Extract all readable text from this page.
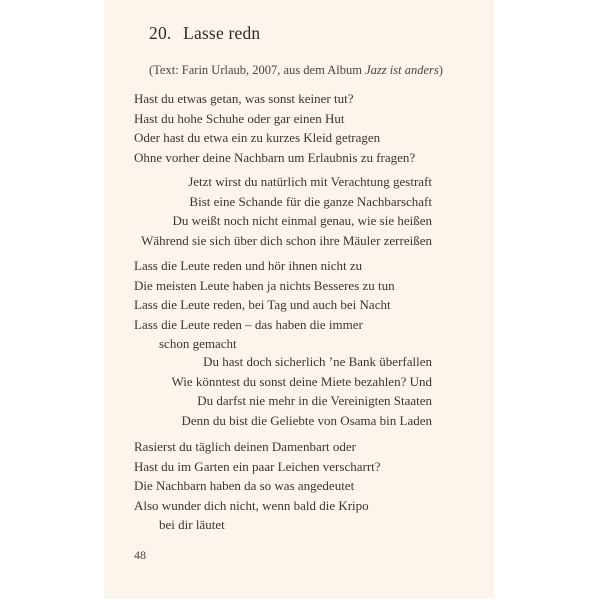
20. Lasse redn
(Text: Farin Urlaub, 2007, aus dem Album Jazz ist anders)
Hast du etwas getan, was sonst keiner tut?
Hast du hohe Schuhe oder gar einen Hut
Oder hast du etwa ein zu kurzes Kleid getragen
Ohne vorher deine Nachbarn um Erlaubnis zu fragen?
Jetzt wirst du natürlich mit Verachtung gestraft
Bist eine Schande für die ganze Nachbarschaft
Du weißt noch nicht einmal genau, wie sie heißen
Während sie sich über dich schon ihre Mäuler zerreißen
Lass die Leute reden und hör ihnen nicht zu
Die meisten Leute haben ja nichts Besseres zu tun
Lass die Leute reden, bei Tag und auch bei Nacht
Lass die Leute reden – das haben die immer
schon gemacht
Du hast doch sicherlich ’ne Bank überfallen
Wie könntest du sonst deine Miete bezahlen? Und
Du darfst nie mehr in die Vereinigten Staaten
Denn du bist die Geliebte von Osama bin Laden
Rasierst du täglich deinen Damenbart oder
Hast du im Garten ein paar Leichen verscharrt?
Die Nachbarn haben da so was angedeutet
Also wunder dich nicht, wenn bald die Kripo
bei dir läutet
48
